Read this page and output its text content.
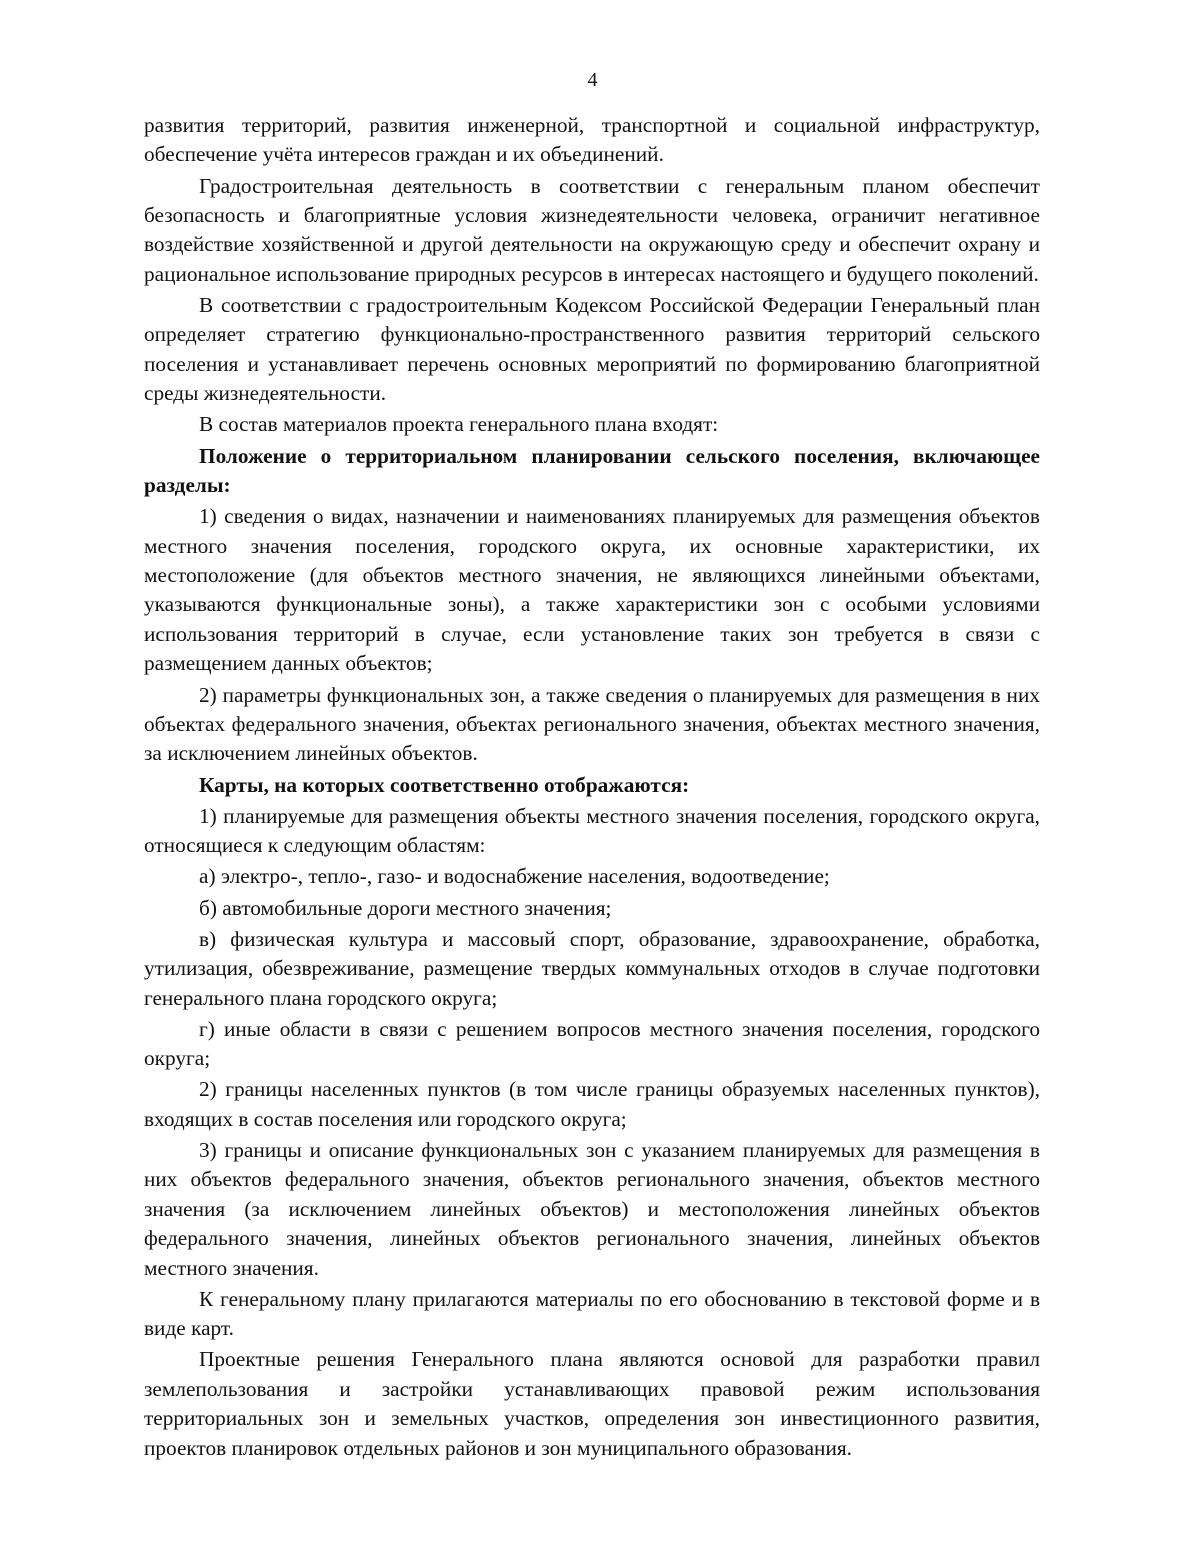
4

развития территорий, развития инженерной, транспортной и социальной инфраструктур, обеспечение учёта интересов граждан и их объединений.

Градостроительная деятельность в соответствии с генеральным планом обеспечит безопасность и благоприятные условия жизнедеятельности человека, ограничит негативное воздействие хозяйственной и другой деятельности на окружающую среду и обеспечит охрану и рациональное использование природных ресурсов в интересах настоящего и будущего поколений.

В соответствии с градостроительным Кодексом Российской Федерации Генеральный план определяет стратегию функционально-пространственного развития территорий сельского поселения и устанавливает перечень основных мероприятий по формированию благоприятной среды жизнедеятельности.

В состав материалов проекта генерального плана входят:

Положение о территориальном планировании сельского поселения, включающее разделы:

1) сведения о видах, назначении и наименованиях планируемых для размещения объектов местного значения поселения, городского округа, их основные характеристики, их местоположение (для объектов местного значения, не являющихся линейными объектами, указываются функциональные зоны), а также характеристики зон с особыми условиями использования территорий в случае, если установление таких зон требуется в связи с размещением данных объектов;

2) параметры функциональных зон, а также сведения о планируемых для размещения в них объектах федерального значения, объектах регионального значения, объектах местного значения, за исключением линейных объектов.

Карты, на которых соответственно отображаются:

1) планируемые для размещения объекты местного значения поселения, городского округа, относящиеся к следующим областям:

а) электро-, тепло-, газо- и водоснабжение населения, водоотведение;

б) автомобильные дороги местного значения;

в) физическая культура и массовый спорт, образование, здравоохранение, обработка, утилизация, обезвреживание, размещение твердых коммунальных отходов в случае подготовки генерального плана городского округа;

г) иные области в связи с решением вопросов местного значения поселения, городского округа;

2) границы населенных пунктов (в том числе границы образуемых населенных пунктов), входящих в состав поселения или городского округа;

3) границы и описание функциональных зон с указанием планируемых для размещения в них объектов федерального значения, объектов регионального значения, объектов местного значения (за исключением линейных объектов) и местоположения линейных объектов федерального значения, линейных объектов регионального значения, линейных объектов местного значения.

К генеральному плану прилагаются материалы по его обоснованию в текстовой форме и в виде карт.

Проектные решения Генерального плана являются основой для разработки правил землепользования и застройки устанавливающих правовой режим использования территориальных зон и земельных участков, определения зон инвестиционного развития, проектов планировок отдельных районов и зон муниципального образования.
